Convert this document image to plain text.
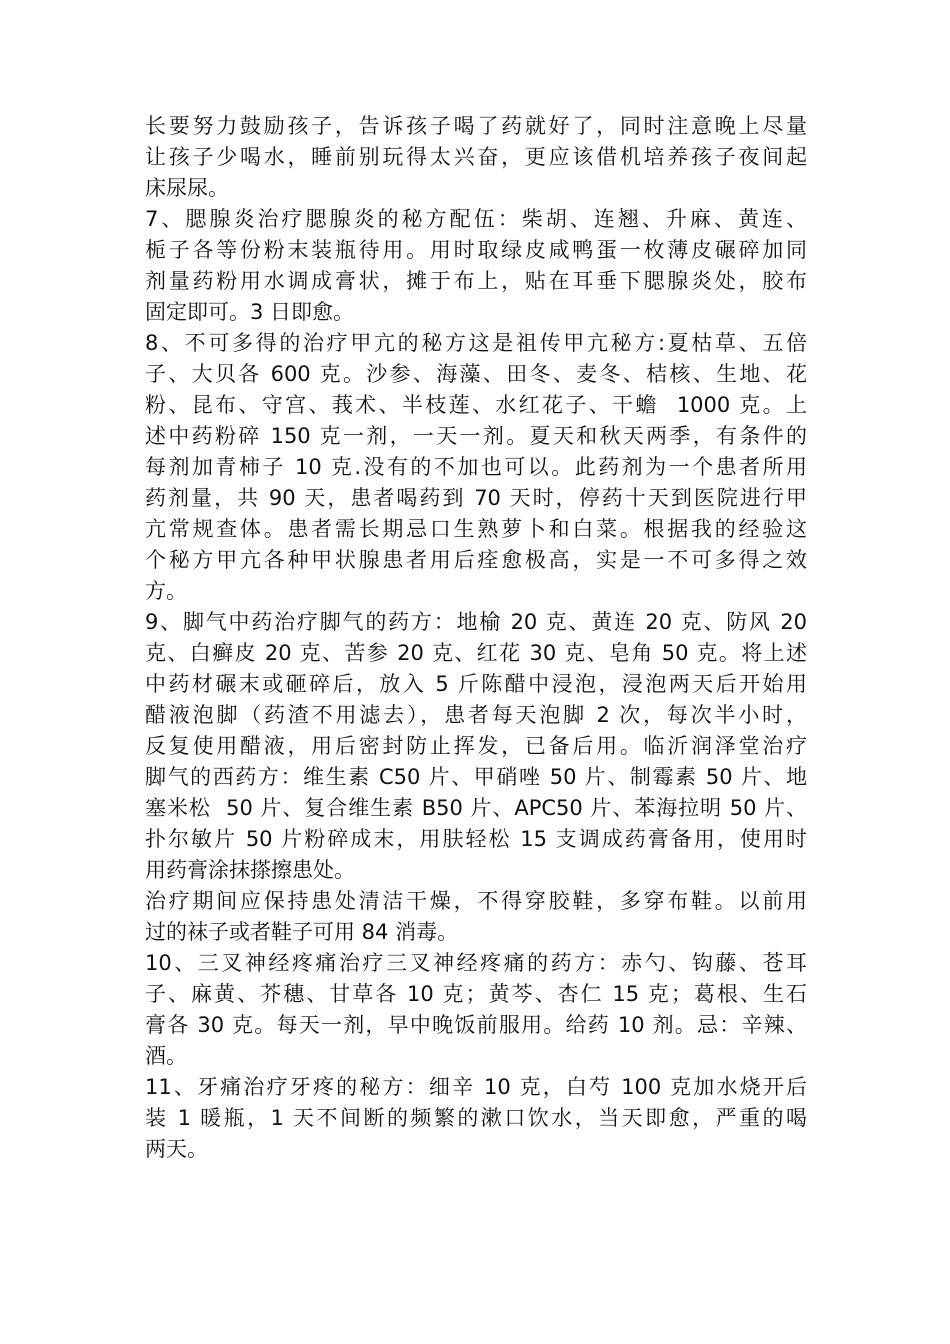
长要努力鼓励孩子，告诉孩子喝了药就好了，同时注意晚上尽量
让孩子少喝水，睡前别玩得太兴奋，更应该借机培养孩子夜间起
床尿尿。
7、腮腺炎治疗腮腺炎的秘方配伍：柴胡、连翘、升麻、黄连、
栀子各等份粉末装瓶待用。用时取绿皮咸鸭蛋一枚薄皮碾碎加同
剂量药粉用水调成膏状，摊于布上，贴在耳垂下腮腺炎处，胶布
固定即可。3 日即愈。
8、不可多得的治疗甲亢的秘方这是祖传甲亢秘方:夏枯草、五倍
子、大贝各 600 克。沙参、海藻、田冬、麦冬、桔核、生地、花
粉、昆布、守宫、莪术、半枝莲、水红花子、干蟾  1000 克。上
述中药粉碎 150 克一剂，一天一剂。夏天和秋天两季，有条件的
每剂加青柿子 10 克.没有的不加也可以。此药剂为一个患者所用
药剂量，共 90 天，患者喝药到 70 天时，停药十天到医院进行甲
亢常规查体。患者需长期忌口生熟萝卜和白菜。根据我的经验这
个秘方甲亢各种甲状腺患者用后痊愈极高，实是一不可多得之效
方。
9、脚气中药治疗脚气的药方：地榆 20 克、黄连 20 克、防风 20
克、白癣皮 20 克、苦参 20 克、红花 30 克、皂角 50 克。将上述
中药材碾末或砸碎后，放入 5 斤陈醋中浸泡，浸泡两天后开始用
醋液泡脚（药渣不用滤去），患者每天泡脚 2 次，每次半小时，
反复使用醋液，用后密封防止挥发，已备后用。临沂润泽堂治疗
脚气的西药方：维生素 C50 片、甲硝唑 50 片、制霉素 50 片、地
塞米松  50 片、复合维生素 B50 片、APC50 片、苯海拉明 50 片、
扑尔敏片 50 片粉碎成末，用肤轻松 15 支调成药膏备用，使用时
用药膏涂抹搽擦患处。
治疗期间应保持患处清洁干燥，不得穿胶鞋，多穿布鞋。以前用
过的袜子或者鞋子可用 84 消毒。
10、三叉神经疼痛治疗三叉神经疼痛的药方：赤勺、钩藤、苍耳
子、麻黄、芥穗、甘草各 10 克；黄芩、杏仁 15 克；葛根、生石
膏各 30 克。每天一剂，早中晚饭前服用。给药 10 剂。忌：辛辣、
酒。
11、牙痛治疗牙疼的秘方：细辛 10 克，白芍 100 克加水烧开后
装 1 暖瓶，1 天不间断的频繁的漱口饮水，当天即愈，严重的喝
两天。
